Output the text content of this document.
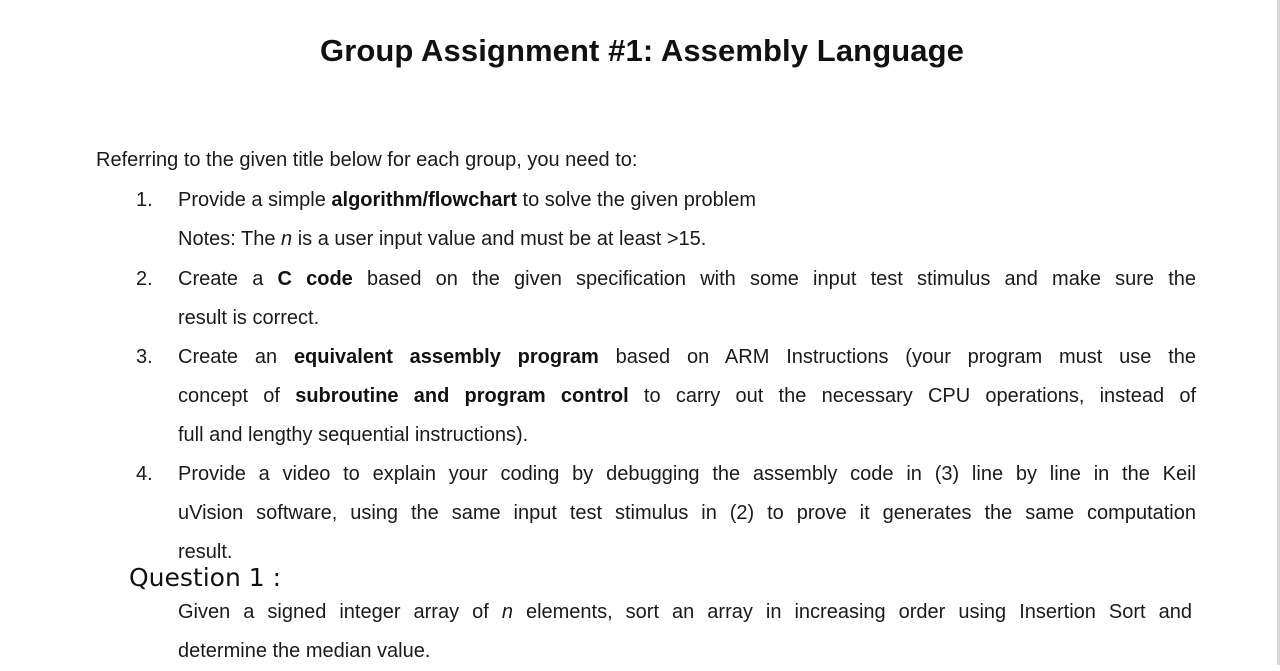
Group Assignment #1: Assembly Language
Referring to the given title below for each group, you need to:
1. Provide a simple algorithm/flowchart to solve the given problem
Notes: The n is a user input value and must be at least >15.
2. Create a C code based on the given specification with some input test stimulus and make sure the
result is correct.
3. Create an equivalent assembly program based on ARM Instructions (your program must use the
concept of subroutine and program control to carry out the necessary CPU operations, instead of
full and lengthy sequential instructions).
4. Provide a video to explain your coding by debugging the assembly code in (3) line by line in the Keil
uVision software, using the same input test stimulus in (2) to prove it generates the same computation
result.
Question 1 :
Given a signed integer array of n elements, sort an array in increasing order using Insertion Sort and
determine the median value.
